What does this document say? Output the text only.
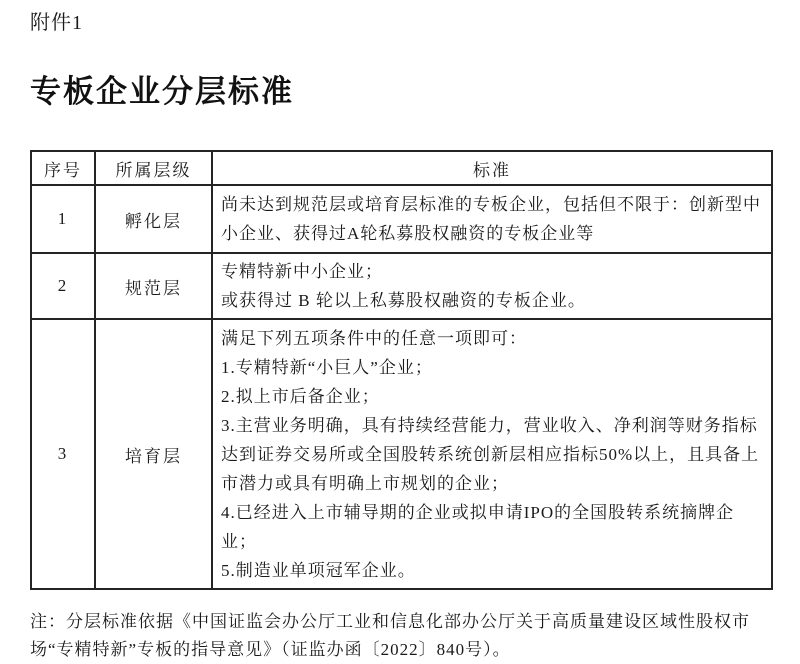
附件1
专板企业分层标准
序号	所属层级	标准
1	孵化层	尚未达到规范层或培育层标准的专板企业，包括但不限于：创新型中小企业、获得过A轮私募股权融资的专板企业等

2	规范层	专精特新中小企业；

或获得过 B 轮以上私募股权融资的专板企业。

3	培育层	

满足下列五项条件中的任意一项即可：

1.专精特新“小巨人”企业；

2.拟上市后备企业；

3.主营业务明确，具有持续经营能力，营业收入、净利润等财务指标达到证券交易所或全国股转系统创新层相应指标50%以上，且具备上市潜力或具有明确上市规划的企业；

4.已经进入上市辅导期的企业或拟申请IPO的全国股转系统摘牌企业；

5.制造业单项冠军企业。

注：分层标准依据《中国证监会办公厅工业和信息化部办公厅关于高质量建设区域性股权市场“专精特新”专板的指导意见》（证监办函〔2022〕840号）。
